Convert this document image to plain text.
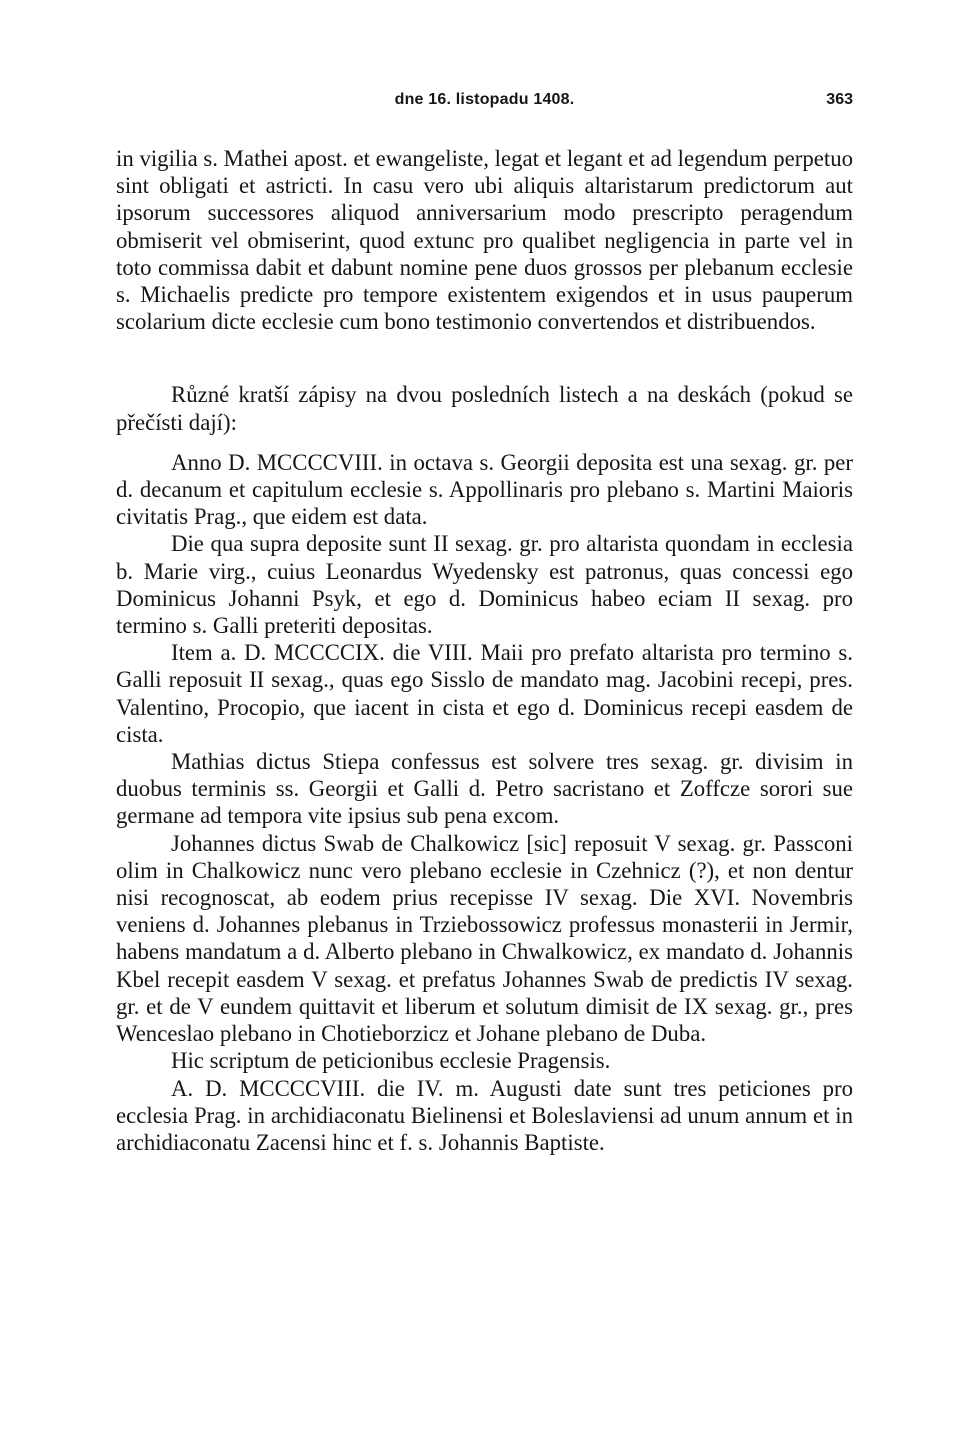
dne 16. listopadu 1408.	363

in vigilia s. Mathei apost. et ewangeliste, legat et legant et ad legendum perpetuo sint obligati et astricti. In casu vero ubi aliquis altaristarum predictorum aut ipsorum successores aliquod anniversarium modo prescripto peragendum obmiserit vel obmiserint, quod extunc pro qualibet negligencia in parte vel in toto commissa dabit et dabunt nomine pene duos grossos per plebanum ecclesie s. Michaelis predicte pro tempore existentem exigendos et in usus pauperum scolarium dicte ecclesie cum bono testimonio convertendos et distribuendos.

Různé kratší zápisy na dvou posledních listech a na deskách (pokud se přečísti dají):

Anno D. MCCCCVIII. in octava s. Georgii deposita est una sexag. gr. per d. decanum et capitulum ecclesie s. Appollinaris pro plebano s. Martini Maioris civitatis Prag., que eidem est data.

Die qua supra deposite sunt II sexag. gr. pro altarista quondam in ecclesia b. Marie virg., cuius Leonardus Wyedensky est patronus, quas concessi ego Dominicus Johanni Psyk, et ego d. Dominicus habeo eciam II sexag. pro termino s. Galli preteriti depositas.

Item a. D. MCCCCIX. die VIII. Maii pro prefato altarista pro termino s. Galli reposuit II sexag., quas ego Sisslo de mandato mag. Jacobini recepi, pres. Valentino, Procopio, que iacent in cista et ego d. Dominicus recepi easdem de cista.

Mathias dictus Stiepa confessus est solvere tres sexag. gr. divisim in duobus terminis ss. Georgii et Galli d. Petro sacristano et Zoffcze sorori sue germane ad tempora vite ipsius sub pena excom.

Johannes dictus Swab de Chalkowicz [sic] reposuit V sexag. gr. Passconi olim in Chalkowicz nunc vero plebano ecclesie in Czehnicz (?), et non dentur nisi recognoscat, ab eodem prius recepisse IV sexag. Die XVI. Novembris veniens d. Johannes plebanus in Trziebossowicz professus monasterii in Jermir, habens mandatum a d. Alberto plebano in Chwalkowicz, ex mandato d. Johannis Kbel recepit easdem V sexag. et prefatus Johannes Swab de predictis IV sexag. gr. et de V eundem quittavit et liberum et solutum dimisit de IX sexag. gr., pres Wenceslao plebano in Chotieborzicz et Johane plebano de Duba.

Hic scriptum de peticionibus ecclesie Pragensis.

A. D. MCCCCVIII. die IV. m. Augusti date sunt tres peticiones pro ecclesia Prag. in archidiaconatu Bielinensi et Boleslaviensi ad unum annum et in archidiaconatu Zacensi hinc et f. s. Johannis Baptiste.
